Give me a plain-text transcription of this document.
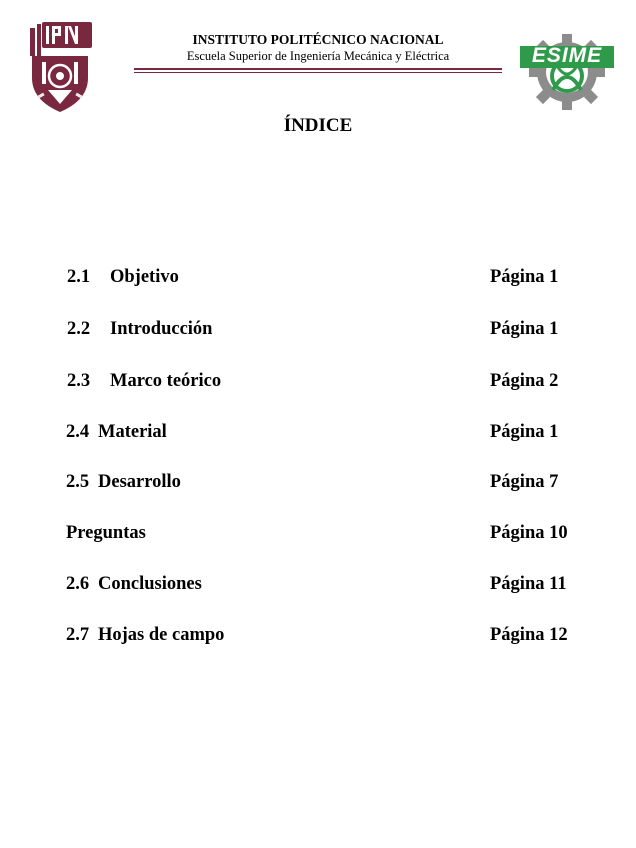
INSTITUTO POLITÉCNICO NACIONAL
Escuela Superior de Ingeniería Mecánica y Eléctrica	ESIME
ÍNDICE
2.1 Objetivo	Página 1
2.2 Introducción	Página 1
2.3 Marco teórico	Página 2
2.4 Material	Página 1
2.5 Desarrollo	Página 7
Preguntas	Página 10
2.6 Conclusiones	Página 11
2.7 Hojas de campo	Página 12
